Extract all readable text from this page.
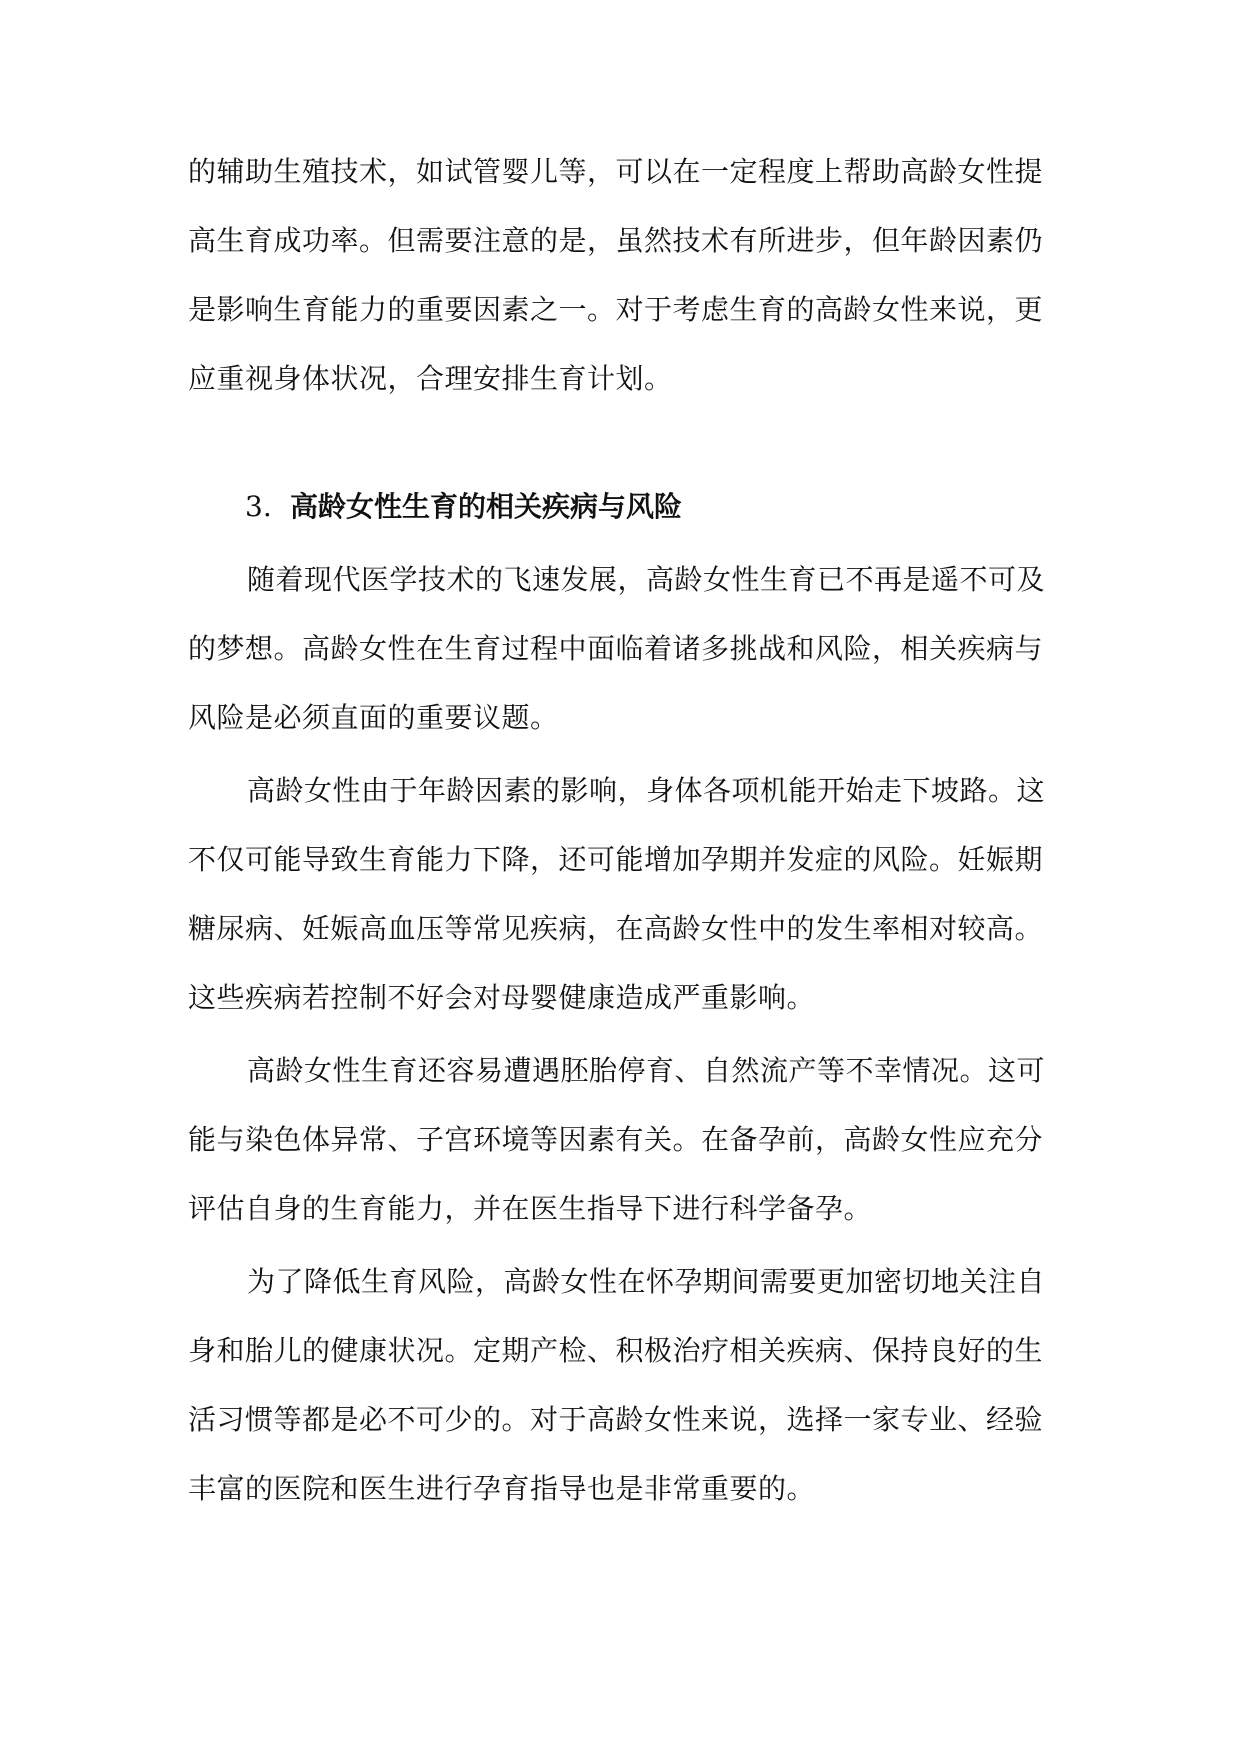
的辅助生殖技术，如试管婴儿等，可以在一定程度上帮助高龄女性提
高生育成功率。但需要注意的是，虽然技术有所进步，但年龄因素仍
是影响生育能力的重要因素之一。对于考虑生育的高龄女性来说，更
应重视身体状况，合理安排生育计划。
3. 高龄女性生育的相关疾病与风险
随着现代医学技术的飞速发展，高龄女性生育已不再是遥不可及
的梦想。高龄女性在生育过程中面临着诸多挑战和风险，相关疾病与
风险是必须直面的重要议题。
高龄女性由于年龄因素的影响，身体各项机能开始走下坡路。这
不仅可能导致生育能力下降，还可能增加孕期并发症的风险。妊娠期
糖尿病、妊娠高血压等常见疾病，在高龄女性中的发生率相对较高。
这些疾病若控制不好会对母婴健康造成严重影响。
高龄女性生育还容易遭遇胚胎停育、自然流产等不幸情况。这可
能与染色体异常、子宫环境等因素有关。在备孕前，高龄女性应充分
评估自身的生育能力，并在医生指导下进行科学备孕。
为了降低生育风险，高龄女性在怀孕期间需要更加密切地关注自
身和胎儿的健康状况。定期产检、积极治疗相关疾病、保持良好的生
活习惯等都是必不可少的。对于高龄女性来说，选择一家专业、经验
丰富的医院和医生进行孕育指导也是非常重要的。
